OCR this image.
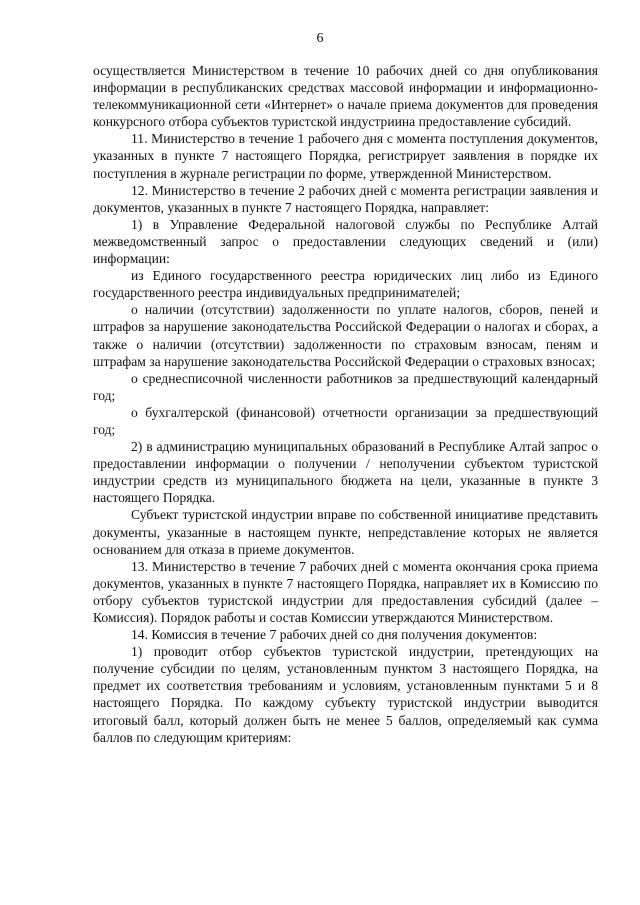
6

осуществляется Министерством в течение 10 рабочих дней со дня опубликования информации в республиканских средствах массовой информации и информационно-телекоммуникационной сети «Интернет» о начале приема документов для проведения конкурсного отбора субъектов туристской индустриина предоставление субсидий.

11. Министерство в течение 1 рабочего дня с момента поступления документов, указанных в пункте 7 настоящего Порядка, регистрирует заявления в порядке их поступления в журнале регистрации по форме, утвержденной Министерством.

12. Министерство в течение 2 рабочих дней с момента регистрации заявления и документов, указанных в пункте 7 настоящего Порядка, направляет:

1) в Управление Федеральной налоговой службы по Республике Алтай межведомственный запрос о предоставлении следующих сведений и (или) информации:

из Единого государственного реестра юридических лиц либо из Единого государственного реестра индивидуальных предпринимателей;

о наличии (отсутствии) задолженности по уплате налогов, сборов, пеней и штрафов за нарушение законодательства Российской Федерации о налогах и сборах, а также о наличии (отсутствии) задолженности по страховым взносам, пеням и штрафам за нарушение законодательства Российской Федерации о страховых взносах;

о среднесписочной численности работников за предшествующий календарный год;

о бухгалтерской (финансовой) отчетности организации за предшествующий год;

2) в администрацию муниципальных образований в Республике Алтай запрос о предоставлении информации о получении / неполучении субъектом туристской индустрии средств из муниципального бюджета на цели, указанные в пункте 3 настоящего Порядка.

Субъект туристской индустрии вправе по собственной инициативе представить документы, указанные в настоящем пункте, непредставление которых не является основанием для отказа в приеме документов.

13. Министерство в течение 7 рабочих дней с момента окончания срока приема документов, указанных в пункте 7 настоящего Порядка, направляет их в Комиссию по отбору субъектов туристской индустрии для предоставления субсидий (далее – Комиссия). Порядок работы и состав Комиссии утверждаются Министерством.

14. Комиссия в течение 7 рабочих дней со дня получения документов:

1) проводит отбор субъектов туристской индустрии, претендующих на получение субсидии по целям, установленным пунктом 3 настоящего Порядка, на предмет их соответствия требованиям и условиям, установленным пунктами 5 и 8 настоящего Порядка. По каждому субъекту туристской индустрии выводится итоговый балл, который должен быть не менее 5 баллов, определяемый как сумма баллов по следующим критериям:
